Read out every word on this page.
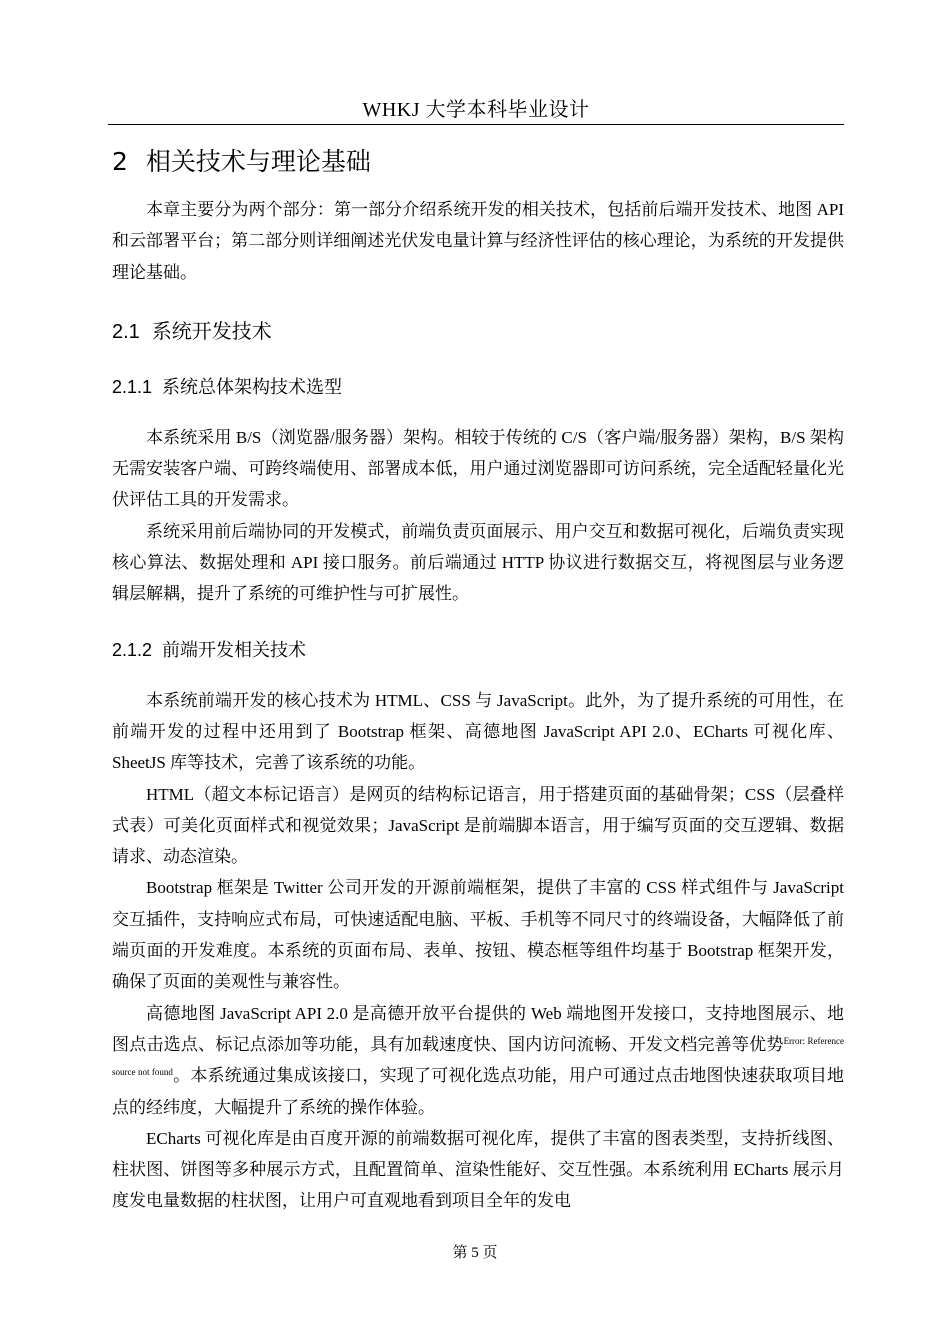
WHKJ 大学本科毕业设计
2 相关技术与理论基础

本章主要分为两个部分：第一部分介绍系统开发的相关技术，包括前后端开发技术、地图 API 和云部署平台；第二部分则详细阐述光伏发电量计算与经济性评估的核心理论，为系统的开发提供理论基础。

2.1 系统开发技术
2.1.1 系统总体架构技术选型

本系统采用 B/S（浏览器/服务器）架构。相较于传统的 C/S（客户端/服务器）架构，B/S 架构无需安装客户端、可跨终端使用、部署成本低，用户通过浏览器即可访问系统，完全适配轻量化光伏评估工具的开发需求。

系统采用前后端协同的开发模式，前端负责页面展示、用户交互和数据可视化，后端负责实现核心算法、数据处理和 API 接口服务。前后端通过 HTTP 协议进行数据交互，将视图层与业务逻辑层解耦，提升了系统的可维护性与可扩展性。

2.1.2 前端开发相关技术

本系统前端开发的核心技术为 HTML、CSS 与 JavaScript。此外，为了提升系统的可用性，在前端开发的过程中还用到了 Bootstrap 框架、高德地图 JavaScript API 2.0、ECharts 可视化库、SheetJS 库等技术，完善了该系统的功能。

HTML（超文本标记语言）是网页的结构标记语言，用于搭建页面的基础骨架；CSS（层叠样式表）可美化页面样式和视觉效果；JavaScript 是前端脚本语言，用于编写页面的交互逻辑、数据请求、动态渲染。

Bootstrap 框架是 Twitter 公司开发的开源前端框架，提供了丰富的 CSS 样式组件与 JavaScript 交互插件，支持响应式布局，可快速适配电脑、平板、手机等不同尺寸的终端设备，大幅降低了前端页面的开发难度。本系统的页面布局、表单、按钮、模态框等组件均基于 Bootstrap 框架开发，确保了页面的美观性与兼容性。

高德地图 JavaScript API 2.0 是高德开放平台提供的 Web 端地图开发接口，支持地图展示、地图点击选点、标记点添加等功能，具有加载速度快、国内访问流畅、开发文档完善等优势$^{Error: Reference source not found}$。本系统通过集成该接口，实现了可视化选点功能，用户可通过点击地图快速获取项目地点的经纬度，大幅提升了系统的操作体验。

ECharts 可视化库是由百度开源的前端数据可视化库，提供了丰富的图表类型，支持折线图、柱状图、饼图等多种展示方式，且配置简单、渲染性能好、交互性强。本系统利用 ECharts 展示月度发电量数据的柱状图，让用户可直观地看到项目全年的发电

第 5 页
